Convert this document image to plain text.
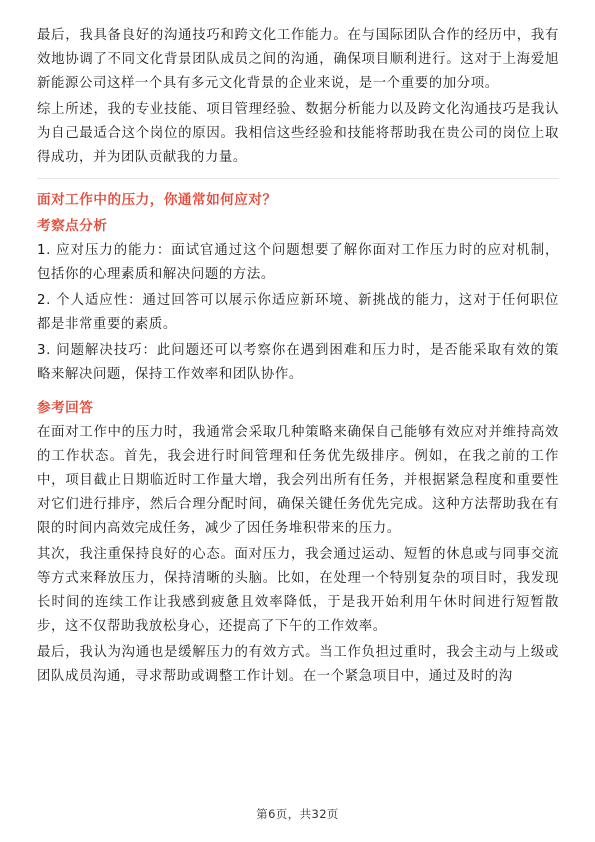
最后，我具备良好的沟通技巧和跨文化工作能力。在与国际团队合作的经历中，我有效地协调了不同文化背景团队成员之间的沟通，确保项目顺利进行。这对于上海爱旭新能源公司这样一个具有多元文化背景的企业来说，是一个重要的加分项。

综上所述，我的专业技能、项目管理经验、数据分析能力以及跨文化沟通技巧是我认为自己最适合这个岗位的原因。我相信这些经验和技能将帮助我在贵公司的岗位上取得成功，并为团队贡献我的力量。

面对工作中的压力，你通常如何应对？
考察点分析
1. 应对压力的能力：面试官通过这个问题想要了解你面对工作压力时的应对机制，包括你的心理素质和解决问题的方法。
2. 个人适应性：通过回答可以展示你适应新环境、新挑战的能力，这对于任何职位都是非常重要的素质。
3. 问题解决技巧：此问题还可以考察你在遇到困难和压力时，是否能采取有效的策略来解决问题，保持工作效率和团队协作。
参考回答

在面对工作中的压力时，我通常会采取几种策略来确保自己能够有效应对并维持高效的工作状态。首先，我会进行时间管理和任务优先级排序。例如，在我之前的工作中，项目截止日期临近时工作量大增，我会列出所有任务，并根据紧急程度和重要性对它们进行排序，然后合理分配时间，确保关键任务优先完成。这种方法帮助我在有限的时间内高效完成任务，减少了因任务堆积带来的压力。

其次，我注重保持良好的心态。面对压力，我会通过运动、短暂的休息或与同事交流等方式来释放压力，保持清晰的头脑。比如，在处理一个特别复杂的项目时，我发现长时间的连续工作让我感到疲惫且效率降低，于是我开始利用午休时间进行短暂散步，这不仅帮助我放松身心，还提高了下午的工作效率。

最后，我认为沟通也是缓解压力的有效方式。当工作负担过重时，我会主动与上级或团队成员沟通，寻求帮助或调整工作计划。在一个紧急项目中，通过及时的沟

第6页，共32页
